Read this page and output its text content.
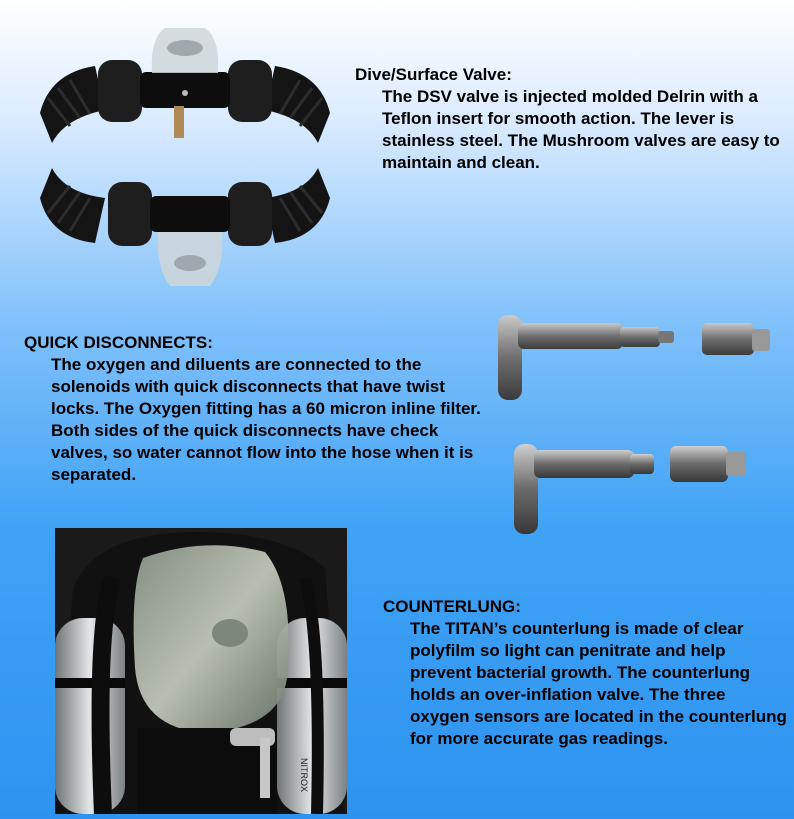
Dive/Surface Valve:
The DSV valve is injected molded Delrin with a Teflon insert for smooth action. The lever is stainless steel. The Mushroom valves are easy to maintain and clean.
QUICK DISCONNECTS:
The oxygen and diluents are connected to the solenoids with quick disconnects that have twist locks. The Oxygen fitting has a 60 micron inline filter. Both sides of the quick disconnects have check valves, so water cannot flow into the hose when it is separated.
NITROX
COUNTERLUNG:
The TITAN’s counterlung is made of clear polyfilm so light can penitrate and help prevent bacterial growth. The counterlung holds an over-inflation valve. The three oxygen sensors are located in the counterlung for more accurate gas readings.
